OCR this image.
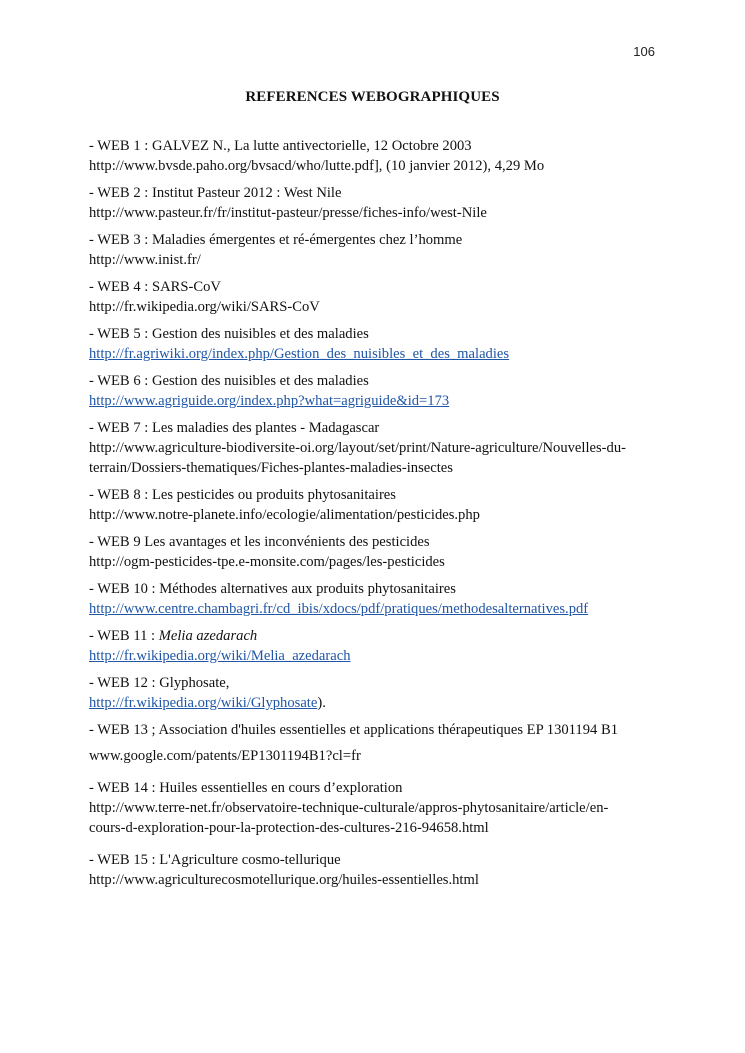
106
REFERENCES WEBOGRAPHIQUES
- WEB 1 : GALVEZ N., La lutte antivectorielle, 12 Octobre 2003
http://www.bvsde.paho.org/bvsacd/who/lutte.pdf], (10 janvier 2012), 4,29 Mo
- WEB 2 : Institut Pasteur 2012 : West Nile
http://www.pasteur.fr/fr/institut-pasteur/presse/fiches-info/west-Nile
- WEB 3 : Maladies émergentes et ré-émergentes chez l’homme
http://www.inist.fr/
- WEB 4 : SARS-CoV
http://fr.wikipedia.org/wiki/SARS-CoV
- WEB 5 : Gestion des nuisibles et des maladies
http://fr.agriwiki.org/index.php/Gestion_des_nuisibles_et_des_maladies
- WEB 6 : Gestion des nuisibles et des maladies
http://www.agriguide.org/index.php?what=agriguide&id=173
- WEB 7 : Les maladies des plantes - Madagascar
http://www.agriculture-biodiversite-oi.org/layout/set/print/Nature-agriculture/Nouvelles-du-
terrain/Dossiers-thematiques/Fiches-plantes-maladies-insectes
- WEB 8 : Les pesticides ou produits phytosanitaires
http://www.notre-planete.info/ecologie/alimentation/pesticides.php
- WEB 9 Les avantages et les inconvénients des pesticides
http://ogm-pesticides-tpe.e-monsite.com/pages/les-pesticides
- WEB 10 : Méthodes alternatives aux produits phytosanitaires
http://www.centre.chambagri.fr/cd_ibis/xdocs/pdf/pratiques/methodesalternatives.pdf
- WEB 11 : Melia azedarach
http://fr.wikipedia.org/wiki/Melia_azedarach
- WEB 12 : Glyphosate,
http://fr.wikipedia.org/wiki/Glyphosate).
- WEB 13 ; Association d'huiles essentielles et applications thérapeutiques EP 1301194 B1
www.google.com/patents/EP1301194B1?cl=fr
- WEB 14 : Huiles essentielles en cours d’exploration
http://www.terre-net.fr/observatoire-technique-culturale/appros-phytosanitaire/article/en-
cours-d-exploration-pour-la-protection-des-cultures-216-94658.html
- WEB 15 : L'Agriculture cosmo-tellurique
http://www.agriculturecosmotellurique.org/huiles-essentielles.html
